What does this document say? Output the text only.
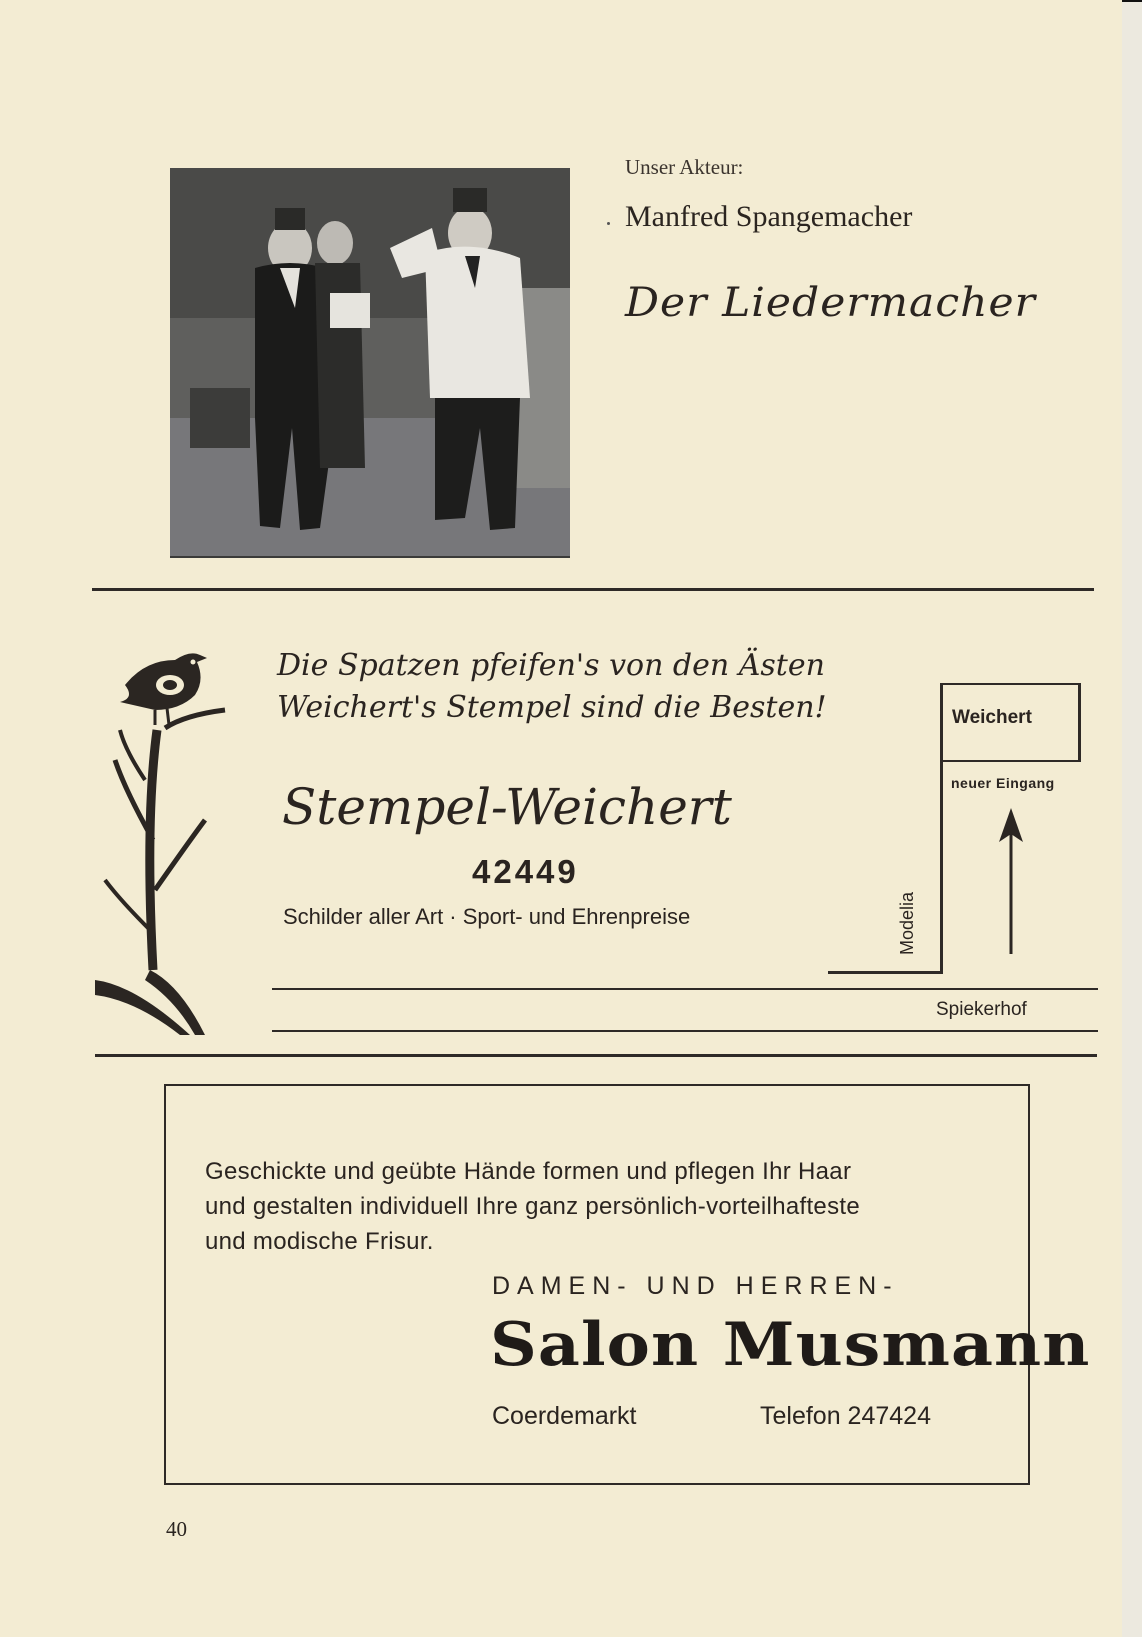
Unser Akteur:
Manfred Spangemacher
Der Liedermacher
Die Spatzen pfeifen's von den Ästen
Weichert's Stempel sind die Besten!
Stempel-Weichert
42449
Schilder aller Art · Sport- und Ehrenpreise
Weichert
neuer Eingang
Modelia
Spiekerhof
Geschickte und geübte Hände formen und pflegen Ihr Haar
und gestalten individuell Ihre ganz persönlich-vorteilhafteste
und modische Frisur.
DAMEN- UND HERREN-
Salon Musmann
Coerdemarkt	Telefon 247424
40
